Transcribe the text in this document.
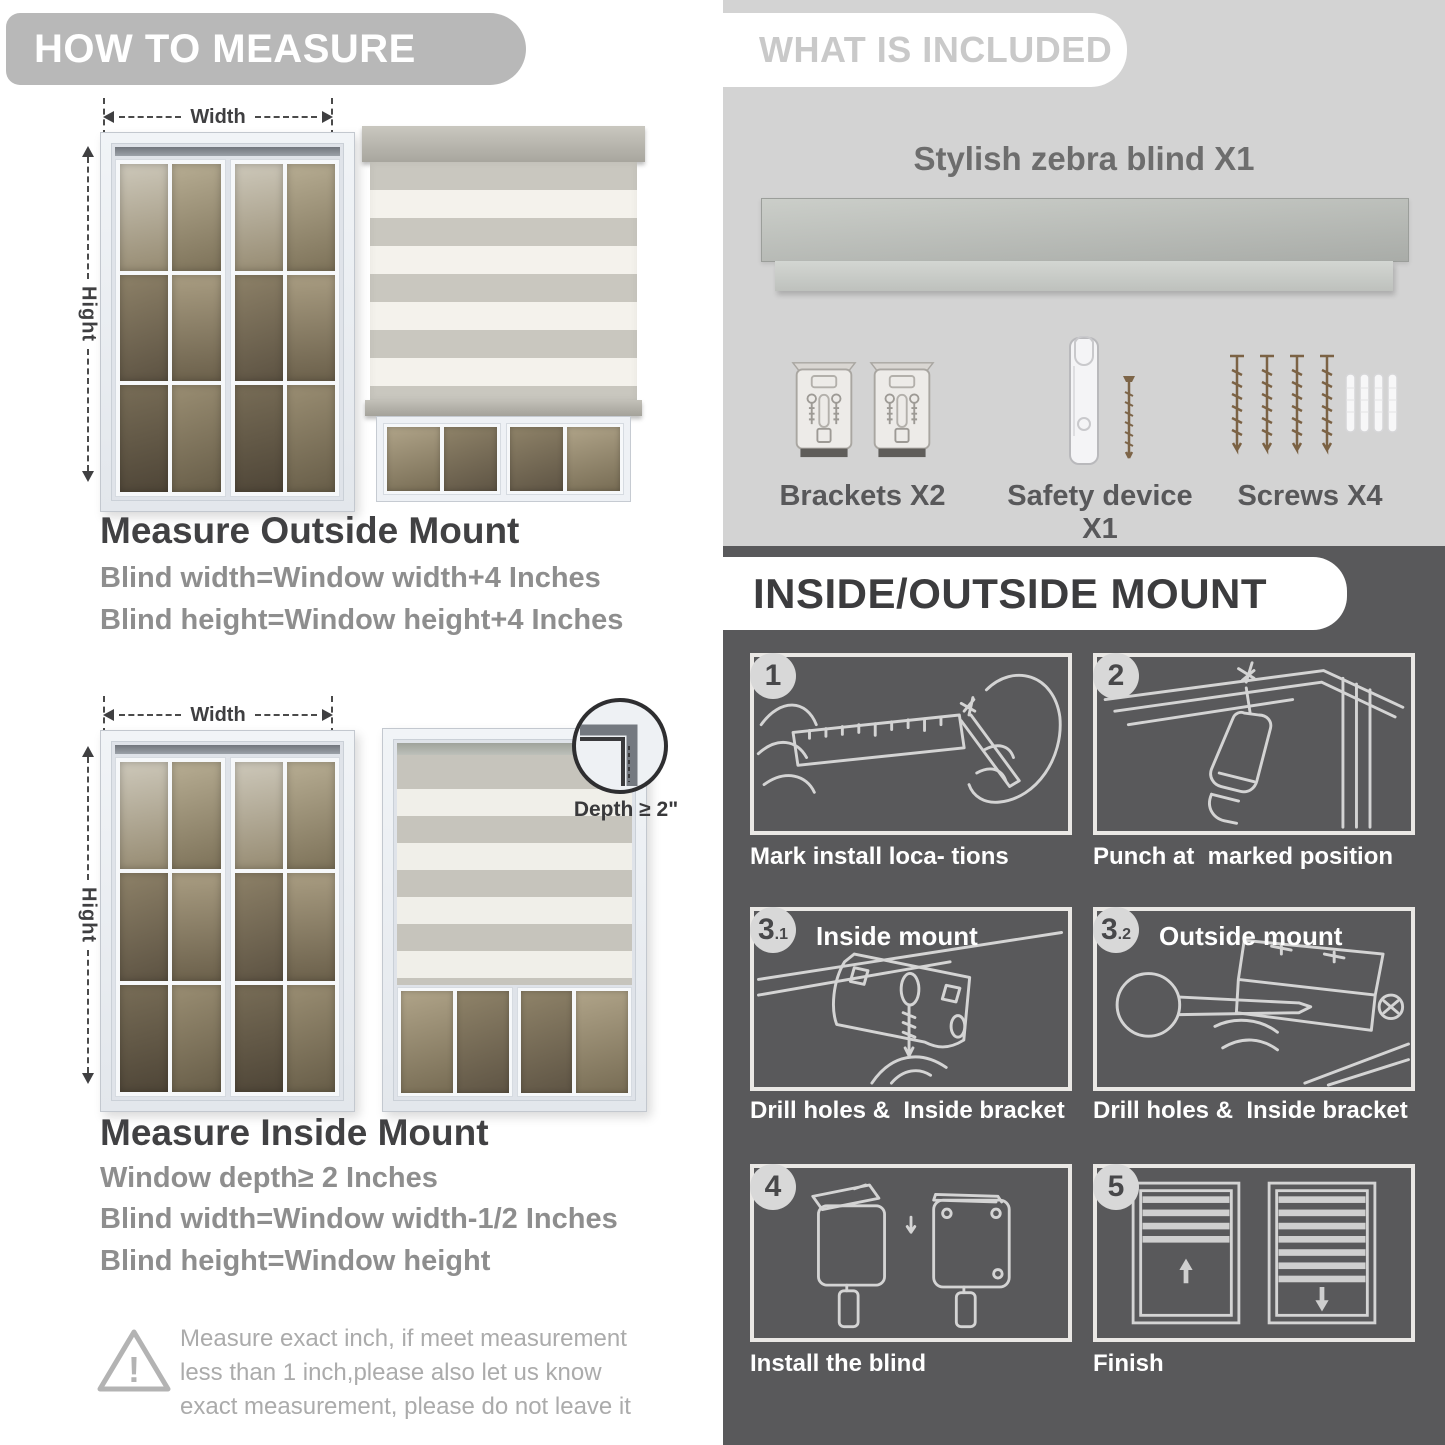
HOW TO MEASURE
Width
Hight
Measure Outside Mount
Blind width=Window width+4 Inches
Blind height=Window height+4 Inches
Width
Hight
Depth ≥ 2"
Measure Inside Mount
Window depth≥ 2 Inches
Blind width=Window width-1/2 Inches
Blind height=Window height
!
Measure exact inch, if meet measurement less than 1 inch,please also let us know exact measurement, please do not leave it
WHAT IS INCLUDED
Stylish zebra blind X1
Brackets X2	Safety device X1
Screws X4
INSIDE/OUTSIDE MOUNT
1
Mark install loca- tions
2
Punch at  marked position
3 .1 Inside mount
Drill holes &  Inside bracket
3 .2 Outside mount
Drill holes &  Inside bracket
4
Install the blind
5
Finish
